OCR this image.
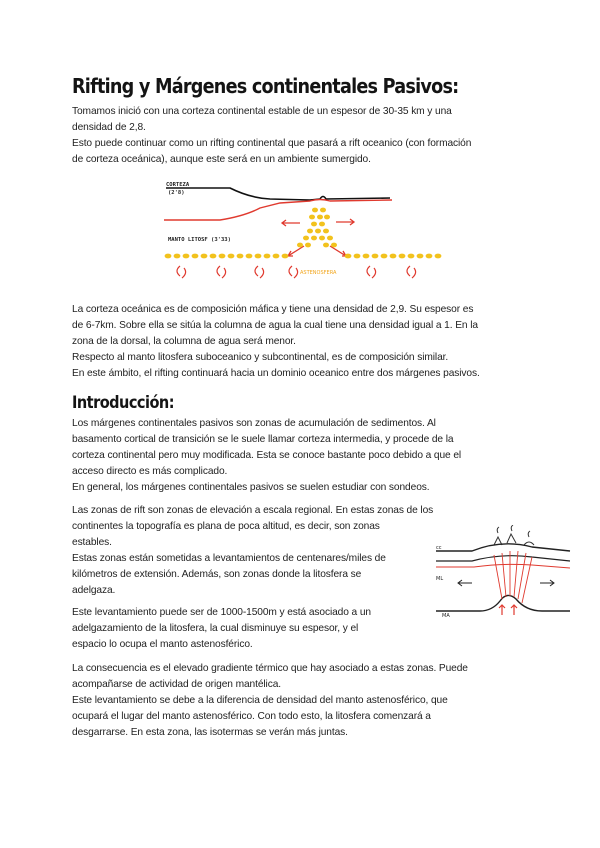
Rifting y Márgenes continentales Pasivos:

Tomamos inició con una corteza continental estable de un espesor de 30-35 km y una
densidad de 2,8.
Esto puede continuar como un rifting continental que pasará a rift oceanico (con formación
de corteza oceánica), aunque este será en un ambiente sumergido.

CORTEZA
(2'8)
MANTO LITOSF (3'33)
ASTENOSFERA

La corteza oceánica es de composición máfica y tiene una densidad de 2,9. Su espesor es
de 6-7km. Sobre ella se sitúa la columna de agua la cual tiene una densidad igual a 1. En la
zona de la dorsal, la columna de agua será menor.
Respecto al manto litosfera suboceanico y subcontinental, es de composición similar.
En este ámbito, el rifting continuará hacia un dominio oceanico entre dos márgenes pasivos.

Introducción:

Los márgenes continentales pasivos son zonas de acumulación de sedimentos. Al
basamento cortical de transición se le suele llamar corteza intermedia, y procede de la
corteza continental pero muy modificada. Esta se conoce bastante poco debido a que el
acceso directo es más complicado.
En general, los márgenes continentales pasivos se suelen estudiar con sondeos.

Las zonas de rift son zonas de elevación a escala regional. En estas zonas de los
continentes la topografía es plana de poca altitud, es decir, son zonas
estables.
Estas zonas están sometidas a levantamientos de centenares/miles de
kilómetros de extensión. Además, son zonas donde la litosfera se
adelgaza.

cc
ML
MA

Este levantamiento puede ser de 1000-1500m y está asociado a un
adelgazamiento de la litosfera, la cual disminuye su espesor, y el
espacio lo ocupa el manto astenosférico.

La consecuencia es el elevado gradiente térmico que hay asociado a estas zonas. Puede
acompañarse de actividad de origen mantélica.
Este levantamiento se debe a la diferencia de densidad del manto astenosférico, que
ocupará el lugar del manto astenosférico. Con todo esto, la litosfera comenzará a
desgarrarse. En esta zona, las isotermas se verán más juntas.
